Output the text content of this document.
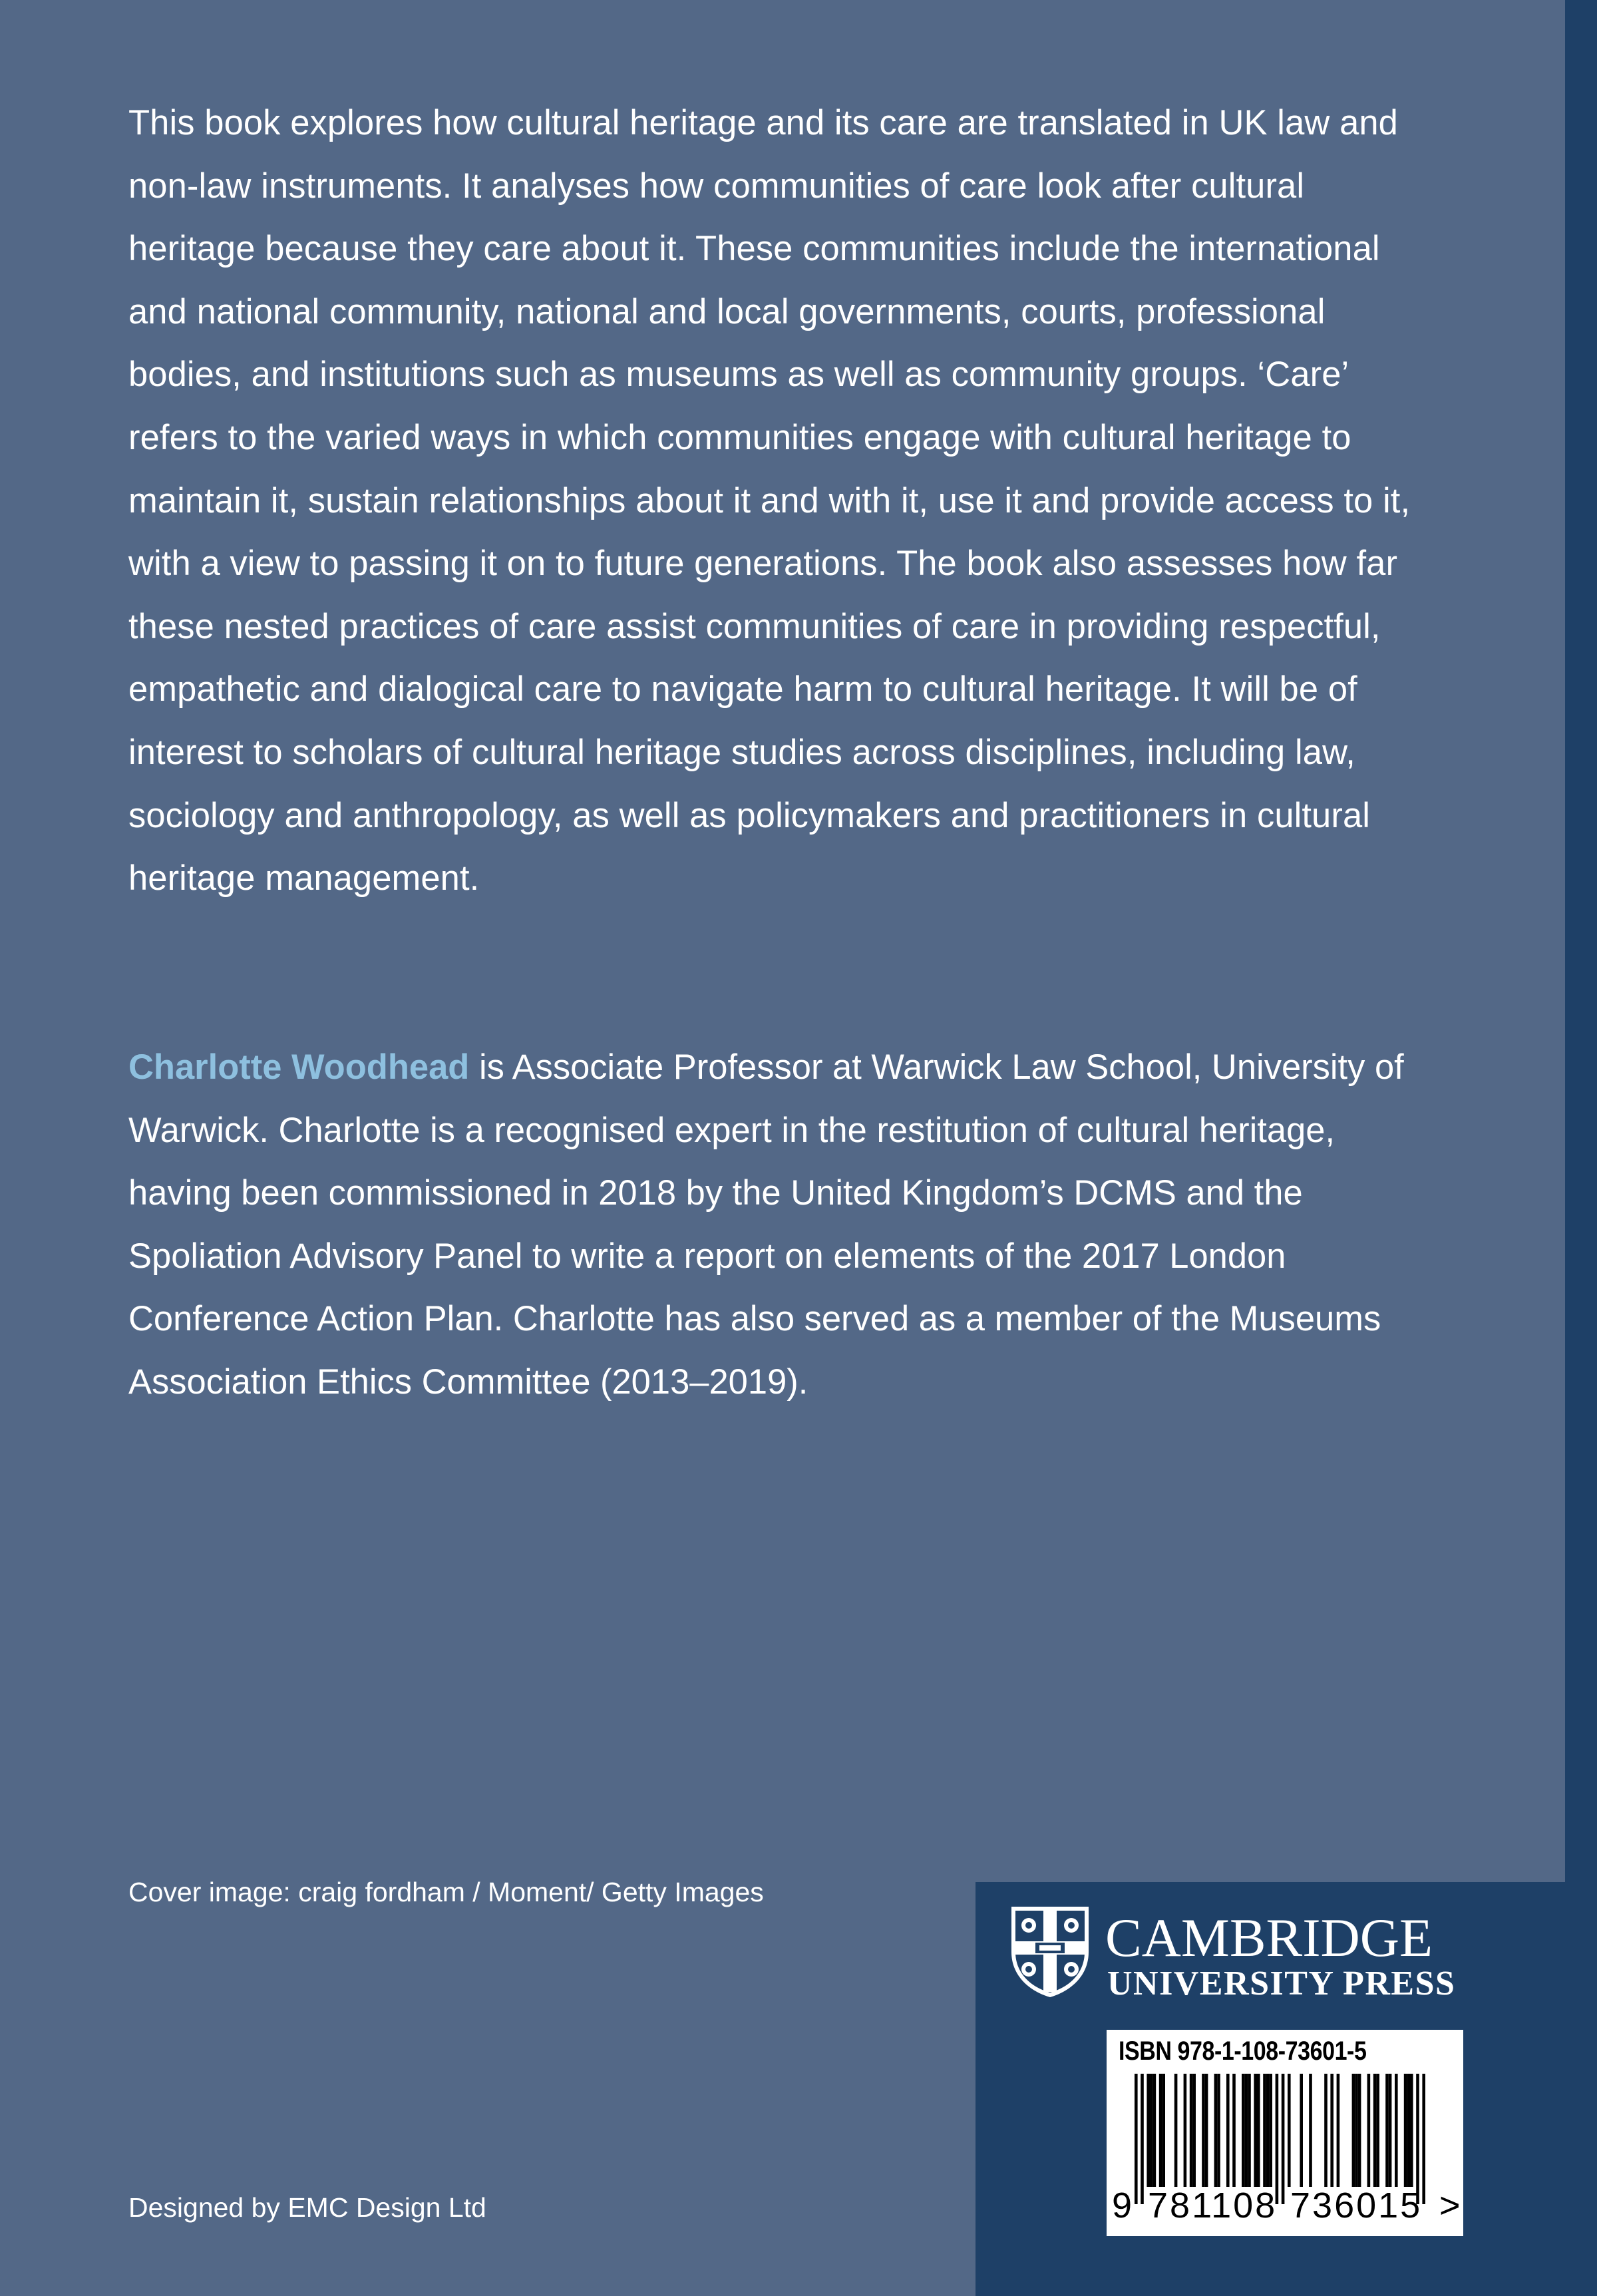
This book explores how cultural heritage and its care are translated in UK law and non-law instruments. It analyses how communities of care look after cultural heritage because they care about it. These communities include the international and national community, national and local governments, courts, professional bodies, and institutions such as museums as well as community groups. ‘Care’ refers to the varied ways in which communities engage with cultural heritage to maintain it, sustain relationships about it and with it, use it and provide access to it, with a view to passing it on to future generations. The book also assesses how far these nested practices of care assist communities of care in providing respectful, empathetic and dialogical care to navigate harm to cultural heritage. It will be of interest to scholars of cultural heritage studies across disciplines, including law, sociology and anthropology, as well as policymakers and practitioners in cultural heritage management.
Charlotte Woodhead is Associate Professor at Warwick Law School, University of Warwick. Charlotte is a recognised expert in the restitution of cultural heritage, having been commissioned in 2018 by the United Kingdom’s DCMS and the Spoliation Advisory Panel to write a report on elements of the 2017 London Conference Action Plan. Charlotte has also served as a member of the Museums Association Ethics Committee (2013–2019).
Cover image: craig fordham / Moment/ Getty Images
Designed by EMC Design Ltd
CAMBRIDGE
UNIVERSITY PRESS
ISBN 978-1-108-73601-5
9 781108 736015 >
